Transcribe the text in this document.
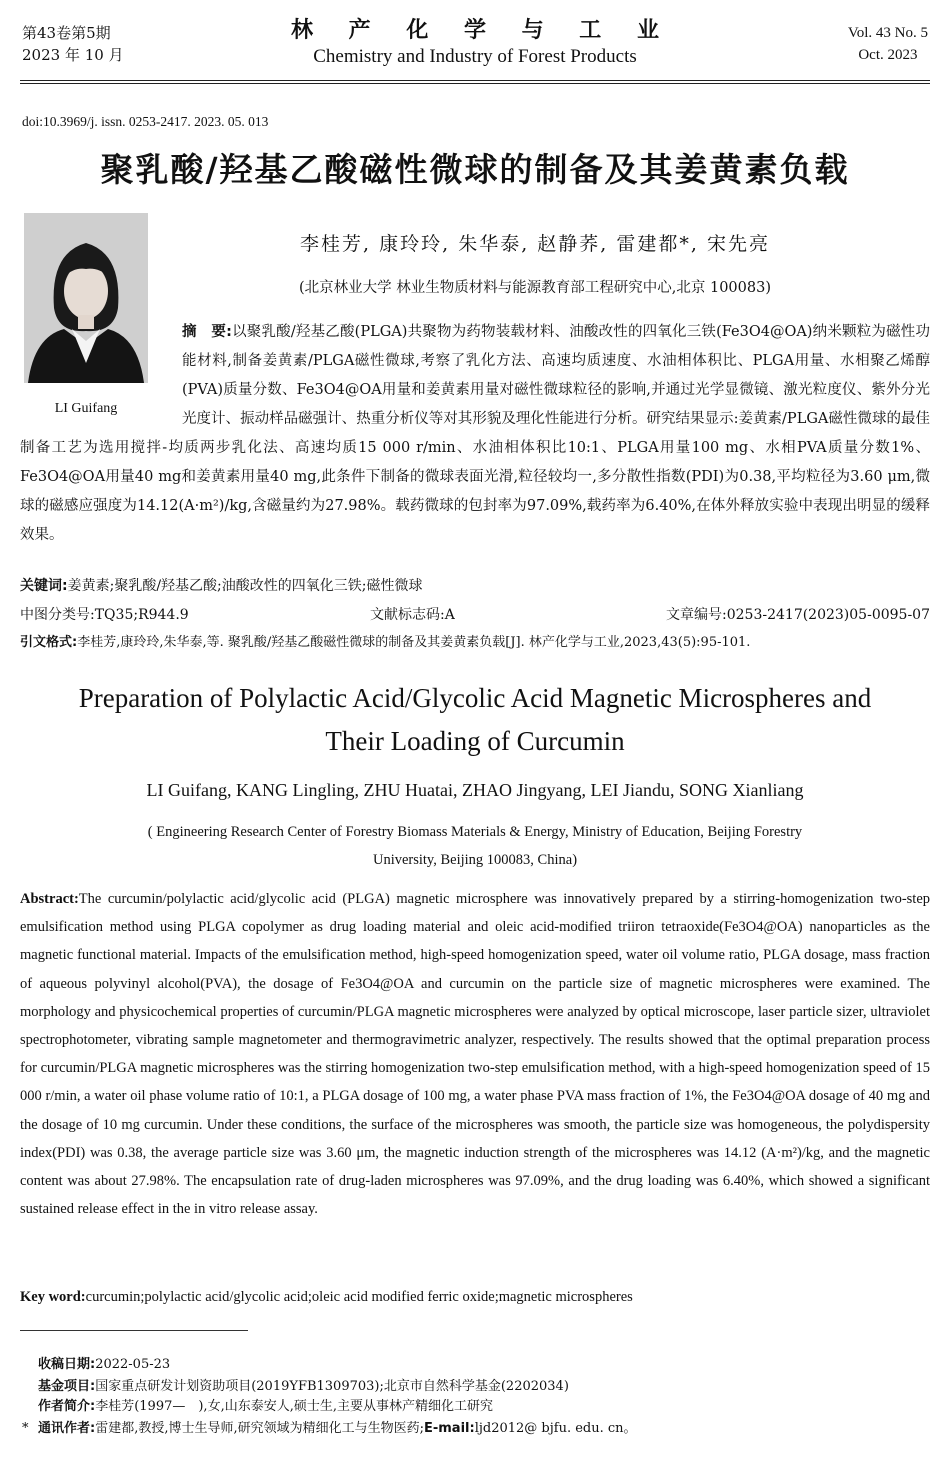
第43卷第5期
2023 年 10 月
林 产 化 学 与 工 业
Chemistry and Industry of Forest Products
Vol. 43 No. 5
Oct. 2023
doi:10.3969/j. issn. 0253-2417. 2023. 05. 013
聚乳酸/羟基乙酸磁性微球的制备及其姜黄素负载
LI Guifang
李桂芳, 康玲玲, 朱华泰, 赵静荞, 雷建都*, 宋先亮
(北京林业大学 林业生物质材料与能源教育部工程研究中心,北京 100083)
摘　要:以聚乳酸/羟基乙酸(PLGA)共聚物为药物装载材料、油酸改性的四氧化三铁(Fe3O4@OA)纳米颗粒为磁性功能材料,制备姜黄素/PLGA磁性微球,考察了乳化方法、高速均质速度、水油相体积比、PLGA用量、水相聚乙烯醇(PVA)质量分数、Fe3O4@OA用量和姜黄素用量对磁性微球粒径的影响,并通过光学显微镜、激光粒度仪、紫外分光光度计、振动样品磁强计、热重分析仪等对其形貌及理化性能进行分析。研究结果显示:姜黄素/PLGA磁性微球的最佳制备工艺为选用搅拌-均质两步乳化法、高速均质15 000 r/min、水油相体积比10:1、PLGA用量100 mg、水相PVA质量分数1%、Fe3O4@OA用量40 mg和姜黄素用量40 mg,此条件下制备的微球表面光滑,粒径较均一,多分散性指数(PDI)为0.38,平均粒径为3.60 μm,微球的磁感应强度为14.12(A·m²)/kg,含磁量约为27.98%。载药微球的包封率为97.09%,载药率为6.40%,在体外释放实验中表现出明显的缓释效果。
关键词:姜黄素;聚乳酸/羟基乙酸;油酸改性的四氧化三铁;磁性微球
中图分类号:TQ35;R944.9	文献标志码:A	文章编号:0253-2417(2023)05-0095-07
引文格式:李桂芳,康玲玲,朱华泰,等. 聚乳酸/羟基乙酸磁性微球的制备及其姜黄素负载[J]. 林产化学与工业,2023,43(5):95-101.
Preparation of Polylactic Acid/Glycolic Acid Magnetic Microspheres and
Their Loading of Curcumin
LI Guifang, KANG Lingling, ZHU Huatai, ZHAO Jingyang, LEI Jiandu, SONG Xianliang
( Engineering Research Center of Forestry Biomass Materials & Energy, Ministry of Education, Beijing Forestry
University, Beijing 100083, China)
Abstract:The curcumin/polylactic acid/glycolic acid (PLGA) magnetic microsphere was innovatively prepared by a stirring-homogenization two-step emulsification method using PLGA copolymer as drug loading material and oleic acid-modified triiron tetraoxide(Fe3O4@OA) nanoparticles as the magnetic functional material. Impacts of the emulsification method, high-speed homogenization speed, water oil volume ratio, PLGA dosage, mass fraction of aqueous polyvinyl alcohol(PVA), the dosage of Fe3O4@OA and curcumin on the particle size of magnetic microspheres were examined. The morphology and physicochemical properties of curcumin/PLGA magnetic microspheres were analyzed by optical microscope, laser particle sizer, ultraviolet spectrophotometer, vibrating sample magnetometer and thermogravimetric analyzer, respectively. The results showed that the optimal preparation process for curcumin/PLGA magnetic microspheres was the stirring homogenization two-step emulsification method, with a high-speed homogenization speed of 15 000 r/min, a water oil phase volume ratio of 10:1, a PLGA dosage of 100 mg, a water phase PVA mass fraction of 1%, the Fe3O4@OA dosage of 40 mg and the dosage of 10 mg curcumin. Under these conditions, the surface of the microspheres was smooth, the particle size was homogeneous, the polydispersity index(PDI) was 0.38, the average particle size was 3.60 μm, the magnetic induction strength of the microspheres was 14.12 (A·m²)/kg, and the magnetic content was about 27.98%. The encapsulation rate of drug-laden microspheres was 97.09%, and the drug loading was 6.40%, which showed a significant sustained release effect in the in vitro release assay.
Key word:curcumin;polylactic acid/glycolic acid;oleic acid modified ferric oxide;magnetic microspheres
收稿日期:2022-05-23
基金项目:国家重点研发计划资助项目(2019YFB1309703);北京市自然科学基金(2202034)
作者简介:李桂芳(1997—　),女,山东泰安人,硕士生,主要从事林产精细化工研究
* 通讯作者:雷建都,教授,博士生导师,研究领域为精细化工与生物医药;E-mail:ljd2012@ bjfu. edu. cn。
